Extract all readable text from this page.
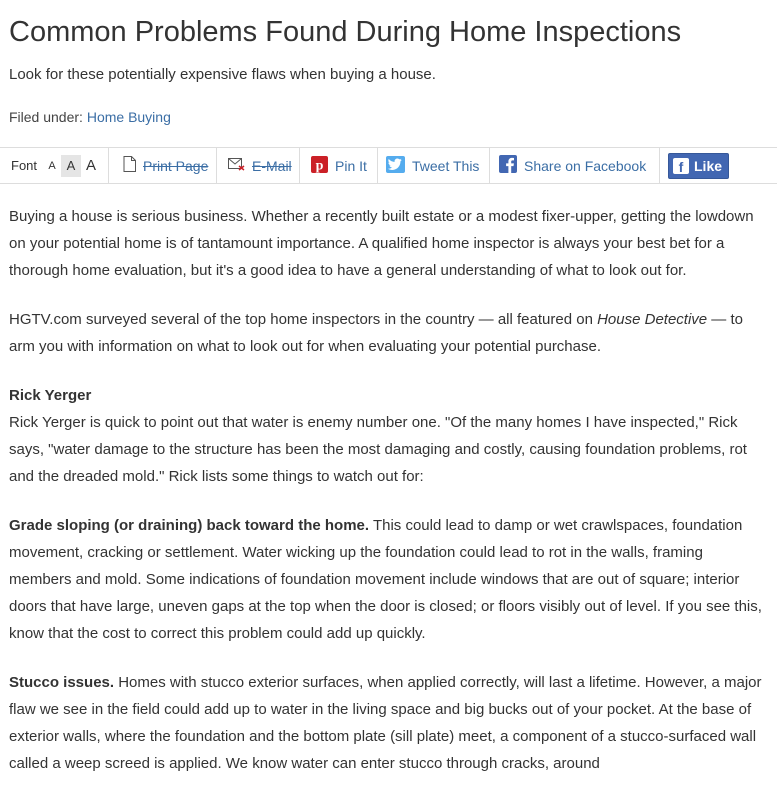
Common Problems Found During Home Inspections

Look for these potentially expensive flaws when buying a house.

Filed under: Home Buying

Font	A A A	Print Page	E-Mail p Pin It	Tweet This	Share on Facebook	f Like

Buying a house is serious business. Whether a recently built estate or a modest fixer-upper, getting the lowdown on your potential home is of tantamount importance. A qualified home inspector is always your best bet for a thorough home evaluation, but it's a good idea to have a general understanding of what to look out for.

HGTV.com surveyed several of the top home inspectors in the country — all featured on House Detective — to arm you with information on what to look out for when evaluating your potential purchase.

Rick Yerger
Rick Yerger is quick to point out that water is enemy number one. "Of the many homes I have inspected," Rick says, "water damage to the structure has been the most damaging and costly, causing foundation problems, rot and the dreaded mold." Rick lists some things to watch out for:

Grade sloping (or draining) back toward the home. This could lead to damp or wet crawlspaces, foundation movement, cracking or settlement. Water wicking up the foundation could lead to rot in the walls, framing members and mold. Some indications of foundation movement include windows that are out of square; interior doors that have large, uneven gaps at the top when the door is closed; or floors visibly out of level. If you see this, know that the cost to correct this problem could add up quickly.

Stucco issues. Homes with stucco exterior surfaces, when applied correctly, will last a lifetime. However, a major flaw we see in the field could add up to water in the living space and big bucks out of your pocket. At the base of exterior walls, where the foundation and the bottom plate (sill plate) meet, a component of a stucco-surfaced wall called a weep screed is applied. We know water can enter stucco through cracks, around
